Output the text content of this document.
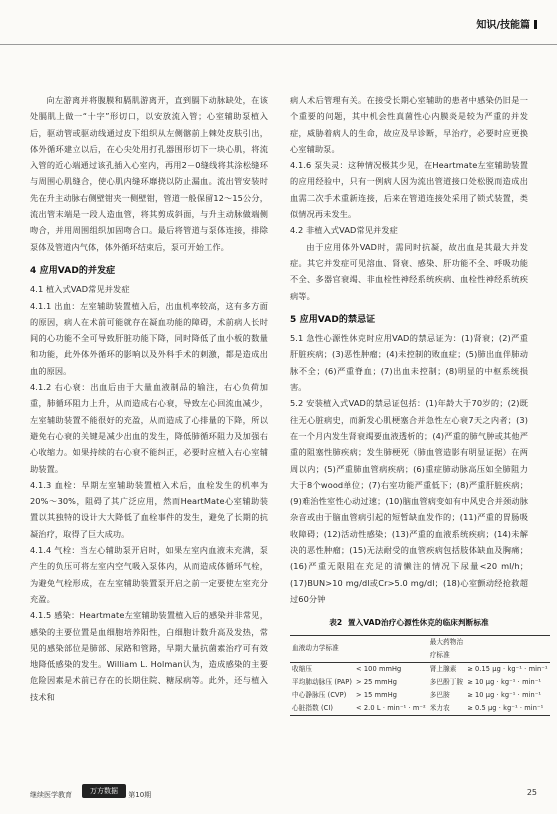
知识/技能篇

向左游离并将腹膜和膈肌游离开，直到膈下动脉缺处，在该处膈肌上做一“十字”形切口，以安放流入管；心室辅助泵植入后，驱动管或驱动线通过皮下组织从左侧髂前上棘处皮肤引出，体外循环建立以后，在心尖处用打孔器围形切下一块心肌，将流入管的近心端通过该孔插入心室内，再用2－0缝线将其涂松缝环与周围心肌缝合，使心肌内缝环靡挠以防止漏血。流出管安装时先在升主动脉右侧壁钳夹一侧壁钳，管道一般保留12～15公分，流出管末端是一段人造血管，将其剪成斜面，与升主动脉做端侧吻合，并用周围组织加固吻合口。最后将管道与泵体连接，排除泵体及管道内气体，体外循环结束后，泵可开始工作。

4 应用VAD的并发症
4.1 植入式VAD常见并发症

4.1.1 出血：左室辅助装置植入后，出血机率较高，这有多方面的原因，病人在术前可能就存在凝血功能的障碍，术前病人长时间的心功能不全可导致肝脏功能下降，同时降低了血小板的数量和功能，此外体外循环的影响以及外科手术的刺激，都是造成出血的原因。

4.1.2 右心衰：出血后由于大量血液制品的输注，右心负荷加重，肺循环阻力上升，从而造成右心衰，导致左心回流血减少，左室辅助装置不能很好的充盈，从而造成了心排量的下降，所以避免右心衰的关键是减少出血的发生，降低肺循环阻力及加强右心收缩力。如果持续的右心衰不能纠正，必要时应植入右心室辅助装置。

4.1.3 血栓：早期左室辅助装置植入术后，血栓发生的机率为20%～30%，阻碍了其广泛应用，然而HeartMate心室辅助装置以其独特的设计大大降低了血栓事件的发生，避免了长期的抗凝治疗，取得了巨大成功。

4.1.4 气栓：当左心辅助泵开启时，如果左室内血液未充满，泵产生的负压可将左室内空气吸入泵体内，从而造成体循环气栓，为避免气栓形成，在左室辅助装置泵开启之前一定要使左室充分充盈。

4.1.5 感染：Heartmate左室辅助装置植入后的感染并非常见，感染的主要位置是血细胞培养阳性，白细胞计数升高及发热，常见的感染部位是肺部、尿路和管路，早期大量抗菌素治疗可有效地降低感染的发生。William L. Holman认为，造成感染的主要危险因素是术前已存在的长期住院、糖尿病等。此外，还与植入技术和

病人术后管理有关。在接受长期心室辅助的患者中感染仍旧是一个重要的问题，其中机会性真菌性心内膜炎是较为严重的并发症，威胁着病人的生命，故应及早诊断，早治疗，必要时应更换心室辅助泵。

4.1.6 泵失灵：这种情况极其少见，在Heartmate左室辅助装置的应用经验中，只有一例病人因为流出管道接口处松脱而造成出血需二次手术重新连接，后来在管道连接处采用了锁式装置，类似情况再未发生。

4.2 非植入式VAD常见并发症

由于应用体外VAD时，需同时抗凝，故出血是其最大并发症。其它并发症可见溶血、肾衰、感染、肝功能不全、呼吸功能不全、多器官衰竭、非血栓性神经系统疾病、血栓性神经系统疾病等。

5 应用VAD的禁忌证

5.1 急性心源性休克时应用VAD的禁忌证为：(1)肾衰；(2)严重肝脏疾病；(3)恶性肿瘤；(4)未控制的败血症；(5)肺出血伴肺动脉不全；(6)严重脊血；(7)出血未控制；(8)明显的中枢系统损害。

5.2 安装植入式VAD的禁忌证包括：(1)年龄大于70岁的；(2)既往无心脏病史，而新发心肌梗塞合并急性左心衰7天之内者；(3)在一个月内发生肾衰竭要血液透析的；(4)严重的肺气肿或其他严重的阻塞性肺疾病；发生肺梗死（肺血管造影有明显证据）在两周以内；(5)严重肺血管病疾病；(6)重症肺动脉高压如全肺阻力大于8个wood单位；(7)右室功能严重低下；(8)严重肝脏疾病；(9)难治性室性心动过速；(10)脑血管病变如有中风史合并颈动脉杂音或由于脑血管病引起的短暂缺血发作的；(11)严重的胃肠吸收障碍；(12)活动性感染；(13)严重的血液系统疾病；(14)未解决的恶性肿瘤；(15)无法耐受的血管疾病包括肢体缺血及胸痛；(16)严重无限阻在充足的清懒注的情况下尿量<20 ml/h；(17)BUN>10 mg/dl或Cr>5.0 mg/dl；(18)心室颤动经抢救超过60分钟

表2 置入VAD治疗心源性休克的临床判断标准
血液动力学标准		最大药物治疗标准	
收缩压	< 100 mmHg	肾上腺素	≥ 0.15 μg · kg⁻¹ · min⁻¹
平均肺动脉压 (PAP)	> 25 mmHg	多巴酚丁胺	≥ 10 μg · kg⁻¹ · min⁻¹
中心静脉压 (CVP)	> 15 mmHg	多巴胺	≥ 10 μg · kg⁻¹ · min⁻¹
心脏指数 (CI)	< 2.0 L · min⁻¹ · m⁻²	米力农	≥ 0.5 μg · kg⁻¹ · min⁻¹
继续医学教育	第10期
万方数据	25
